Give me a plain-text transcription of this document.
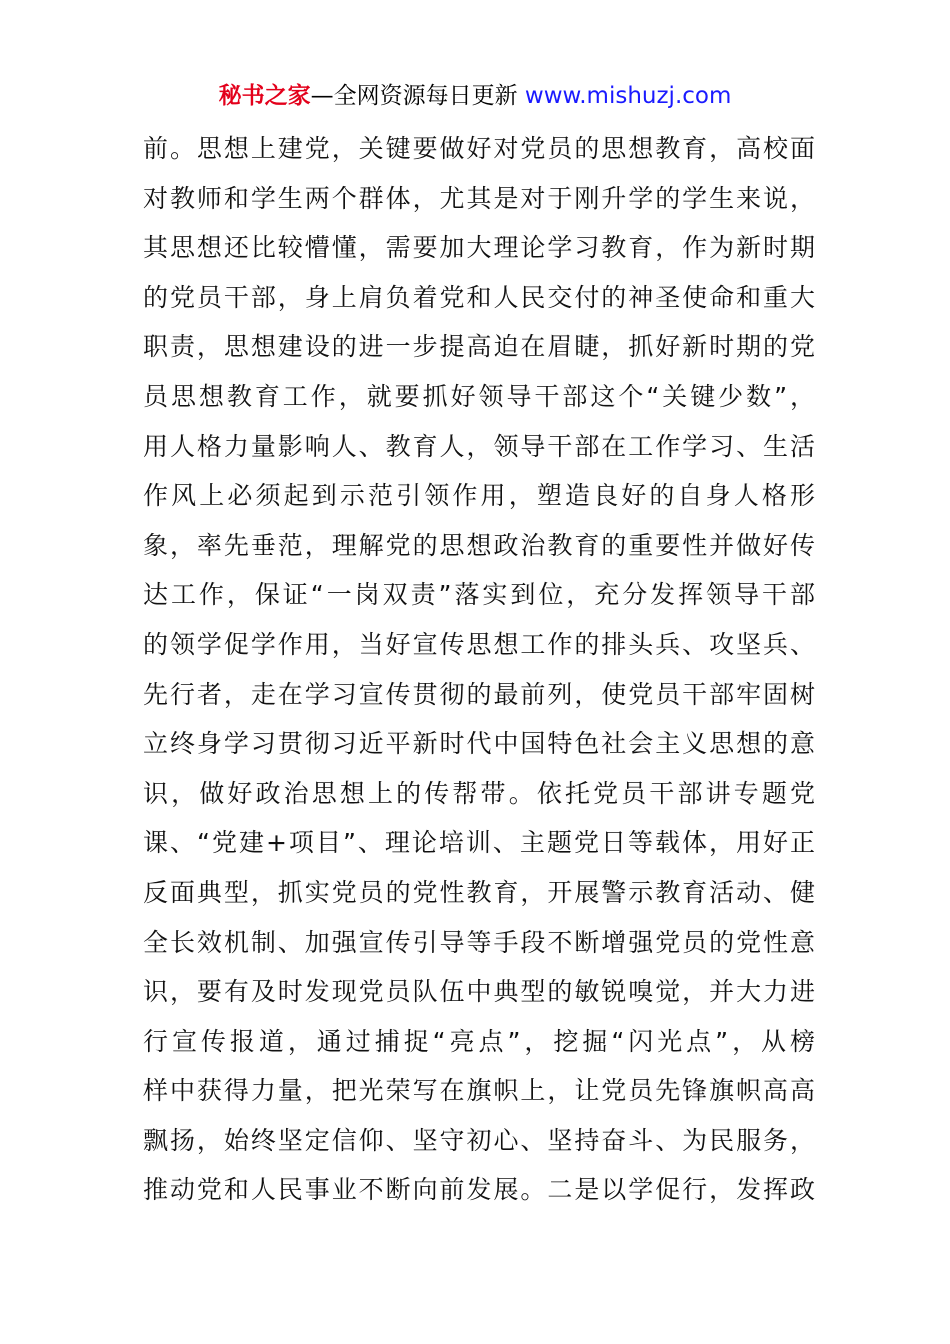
秘书之家—全网资源每日更新 www.mishuzj.com
前。思想上建党，关键要做好对党员的思想教育，高校面
对教师和学生两个群体，尤其是对于刚升学的学生来说，
其思想还比较懵懂，需要加大理论学习教育，作为新时期
的党员干部，身上肩负着党和人民交付的神圣使命和重大
职责，思想建设的进一步提高迫在眉睫，抓好新时期的党
员思想教育工作，就要抓好领导干部这个“关键少数”，
用人格力量影响人、教育人，领导干部在工作学习、生活
作风上必须起到示范引领作用，塑造良好的自身人格形
象，率先垂范，理解党的思想政治教育的重要性并做好传
达工作，保证“一岗双责”落实到位，充分发挥领导干部
的领学促学作用，当好宣传思想工作的排头兵、攻坚兵、
先行者，走在学习宣传贯彻的最前列，使党员干部牢固树
立终身学习贯彻习近平新时代中国特色社会主义思想的意
识，做好政治思想上的传帮带。依托党员干部讲专题党
课、“党建+项目”、理论培训、主题党日等载体，用好正
反面典型，抓实党员的党性教育，开展警示教育活动、健
全长效机制、加强宣传引导等手段不断增强党员的党性意
识，要有及时发现党员队伍中典型的敏锐嗅觉，并大力进
行宣传报道，通过捕捉“亮点”，挖掘“闪光点”，从榜
样中获得力量，把光荣写在旗帜上，让党员先锋旗帜高高
飘扬，始终坚定信仰、坚守初心、坚持奋斗、为民服务，
推动党和人民事业不断向前发展。二是以学促行，发挥政
